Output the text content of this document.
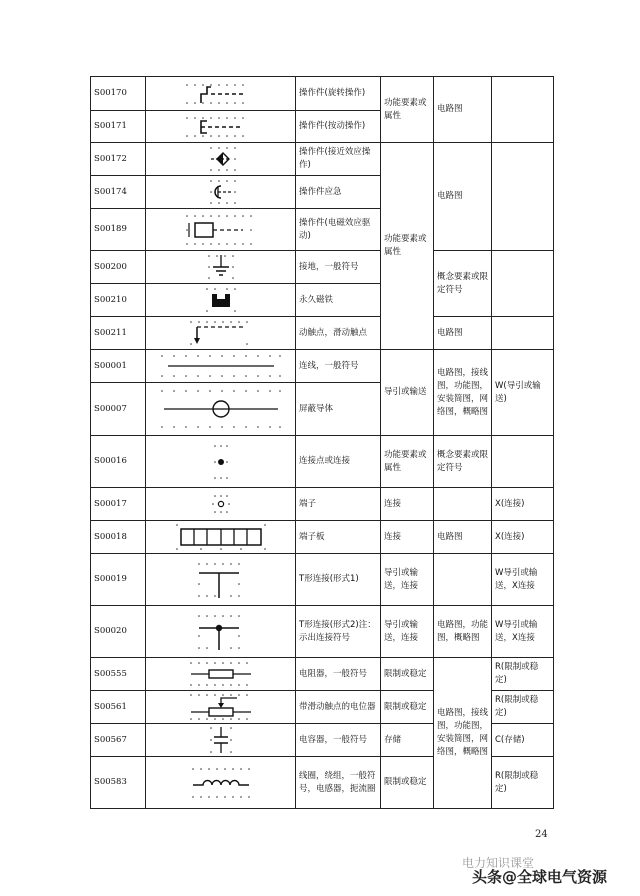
S00170		操作件(旋转操作)	功能要素或属性	电路图	
S00171		操作件(按动操作)			
S00172		操作件(接近效应操作)	功能要素或属性	电路图	
S00174		操作件应急			
S00189		操作件(电磁效应驱动)			
S00200		接地，一般符号		概念要素或限定符号	
S00210		永久磁铁			
S00211		动触点，滑动触点		电路图	
S00001		连线，一般符号	导引或输送	电路图，接线图，功能图，安装简图，网络图，概略图	W(导引或输送)
S00007		屏蔽导体			
S00016		连接点或连接	功能要素或属性	概念要素或限定符号	
S00017		端子	连接		X(连接)
S00018		端子板	连接	电路图	X(连接)
S00019		T形连接(形式1)	导引或输送，连接		W导引或输送，X连接
S00020		T形连接(形式2)注：示出连接符号	导引或输送，连接	电路图，功能图，概略图	W导引或输送，X连接
S00555		电阻器，一般符号	限制或稳定	电路图，接线图，功能图，安装简图，网络图，概略图	R(限制或稳定)
S00561		带滑动触点的电位器	限制或稳定		R(限制或稳定)
S00567		电容器，一般符号	存储		C(存储)
S00583		线圈，绕组，一般符号，电感器，扼流圈	限制或稳定		R(限制或稳定)
24
电力知识课堂
头条@全球电气资源
